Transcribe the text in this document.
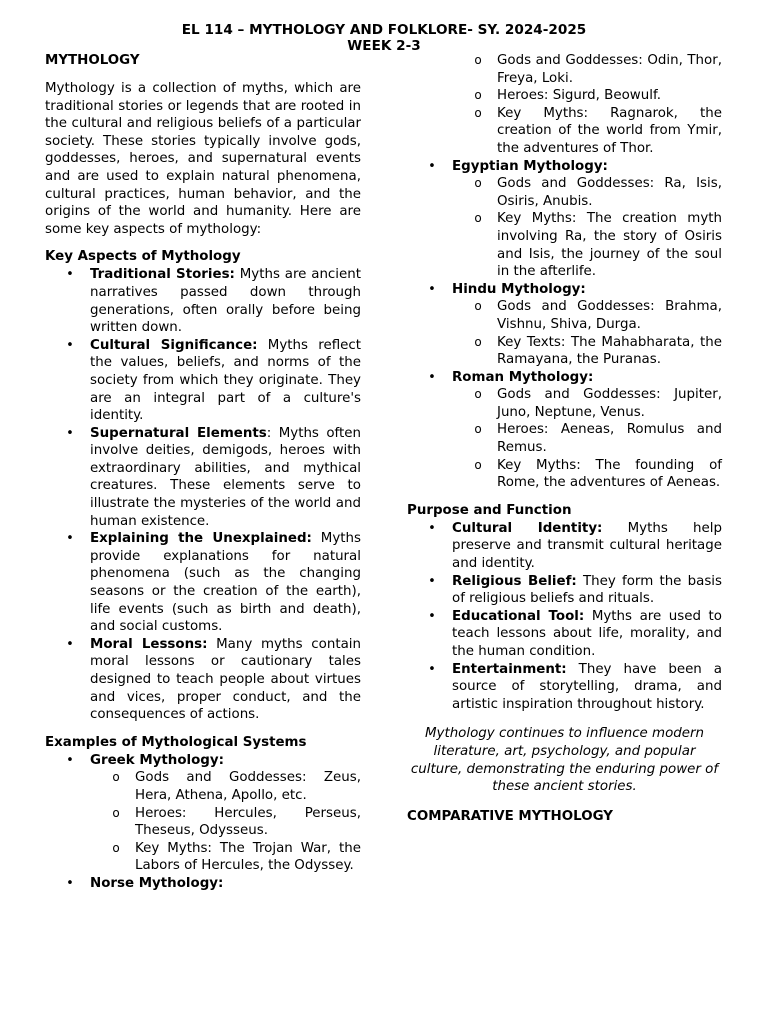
EL 114 – MYTHOLOGY AND FOLKLORE- SY. 2024-2025
WEEK 2-3

MYTHOLOGY

Mythology is a collection of myths, which are traditional stories or legends that are rooted in the cultural and religious beliefs of a particular society. These stories typically involve gods, goddesses, heroes, and supernatural events and are used to explain natural phenomena, cultural practices, human behavior, and the origins of the world and humanity. Here are some key aspects of mythology:

Key Aspects of Mythology

• Traditional Stories: Myths are ancient narratives passed down through generations, often orally before being written down.
• Cultural Significance: Myths reflect the values, beliefs, and norms of the society from which they originate. They are an integral part of a culture's identity.
• Supernatural Elements: Myths often involve deities, demigods, heroes with extraordinary abilities, and mythical creatures. These elements serve to illustrate the mysteries of the world and human existence.
• Explaining the Unexplained: Myths provide explanations for natural phenomena (such as the changing seasons or the creation of the earth), life events (such as birth and death), and social customs.
• Moral Lessons: Many myths contain moral lessons or cautionary tales designed to teach people about virtues and vices, proper conduct, and the consequences of actions.

Examples of Mythological Systems

• Greek Mythology:
o Gods and Goddesses: Zeus, Hera, Athena, Apollo, etc.
o Heroes: Hercules, Perseus, Theseus, Odysseus.
o Key Myths: The Trojan War, the Labors of Hercules, the Odyssey.
• Norse Mythology:
o Gods and Goddesses: Odin, Thor, Freya, Loki.
o Heroes: Sigurd, Beowulf.
o Key Myths: Ragnarok, the creation of the world from Ymir, the adventures of Thor.
• Egyptian Mythology:
o Gods and Goddesses: Ra, Isis, Osiris, Anubis.
o Key Myths: The creation myth involving Ra, the story of Osiris and Isis, the journey of the soul in the afterlife.
• Hindu Mythology:
o Gods and Goddesses: Brahma, Vishnu, Shiva, Durga.
o Key Texts: The Mahabharata, the Ramayana, the Puranas.
• Roman Mythology:
o Gods and Goddesses: Jupiter, Juno, Neptune, Venus.
o Heroes: Aeneas, Romulus and Remus.
o Key Myths: The founding of Rome, the adventures of Aeneas.

Purpose and Function

• Cultural Identity: Myths help preserve and transmit cultural heritage and identity.
• Religious Belief: They form the basis of religious beliefs and rituals.
• Educational Tool: Myths are used to teach lessons about life, morality, and the human condition.
• Entertainment: They have been a source of storytelling, drama, and artistic inspiration throughout history.

Mythology continues to influence modern literature, art, psychology, and popular culture, demonstrating the enduring power of these ancient stories.

COMPARATIVE MYTHOLOGY
